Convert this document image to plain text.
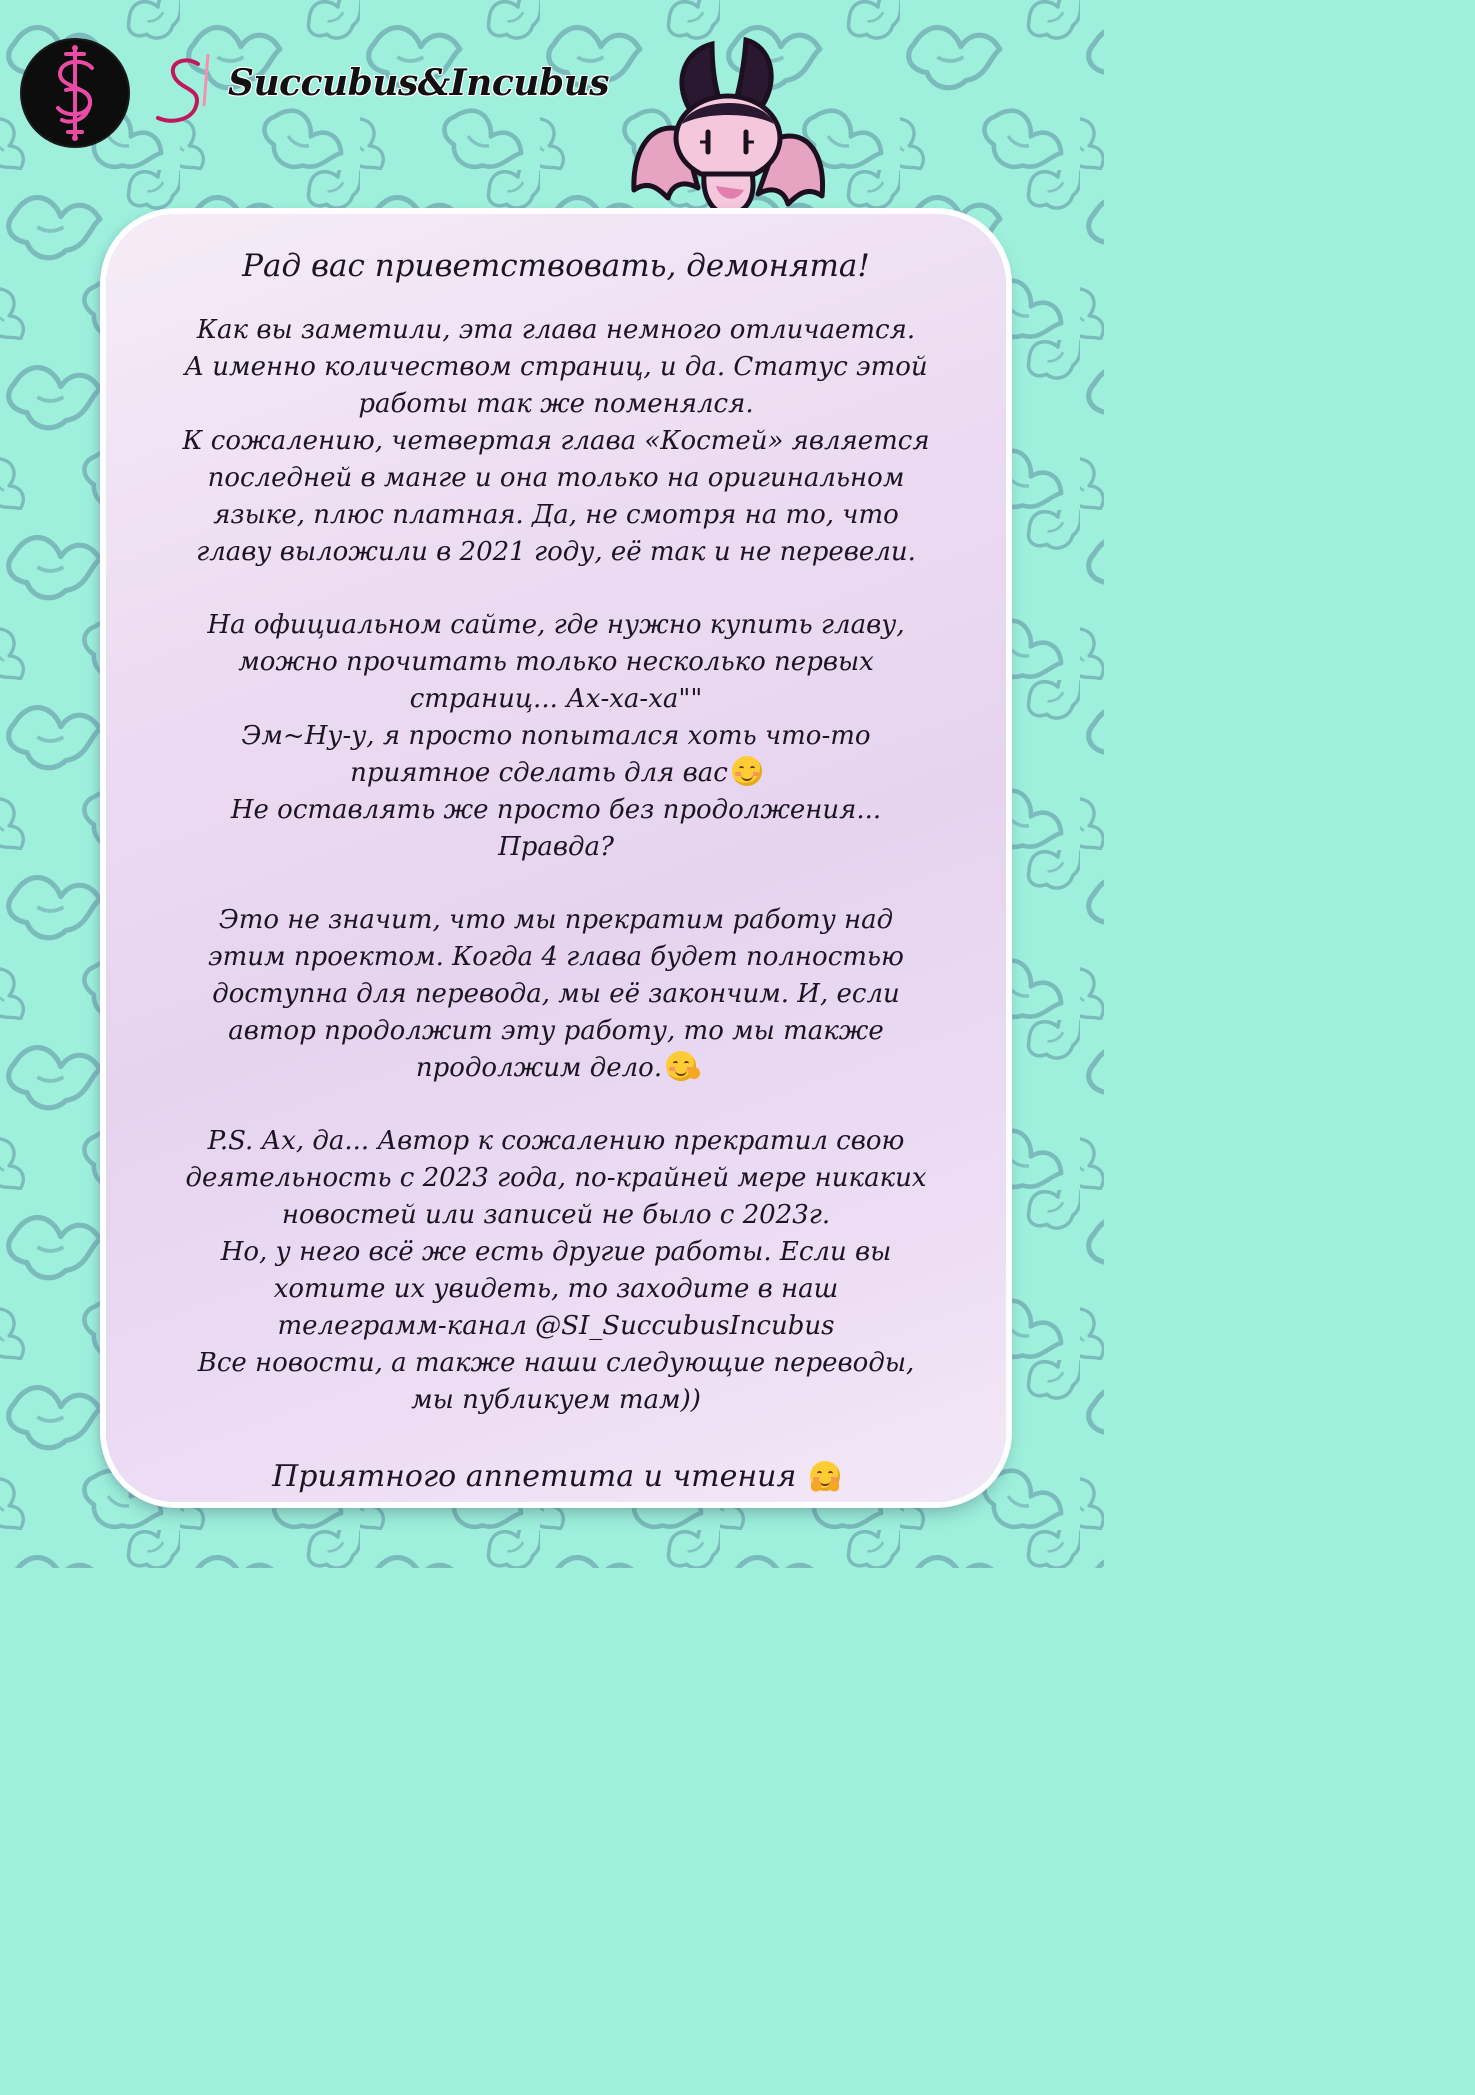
Succubus&Incubus
Рад вас приветствовать, демонята!
Как вы заметили, эта глава немного отличается.
А именно количеством страниц, и да. Статус этой
работы так же поменялся.
К сожалению, четвертая глава «Костей» является
последней в манге и она только на оригинальном
языке, плюс платная. Да, не смотря на то, что
главу выложили в 2021 году, её так и не перевели.
На официальном сайте, где нужно купить главу,
можно прочитать только несколько первых
страниц... Ах-ха-ха""
Эм~Ну-у, я просто попытался хоть что-то
приятное сделать для вас
Не оставлять же просто без продолжения...
Правда?
Это не значит, что мы прекратим работу над
этим проектом. Когда 4 глава будет полностью
доступна для перевода, мы её закончим. И, если
автор продолжит эту работу, то мы также
продолжим дело.
P.S. Ах, да... Автор к сожалению прекратил свою
деятельность с 2023 года, по-крайней мере никаких
новостей или записей не было с 2023г.
Но, у него всё же есть другие работы. Если вы
хотите их увидеть, то заходите в наш
телеграмм-канал @SI_SuccubusIncubus
Все новости, а также наши следующие переводы,
мы публикуем там))
Приятного аппетита и чтения
